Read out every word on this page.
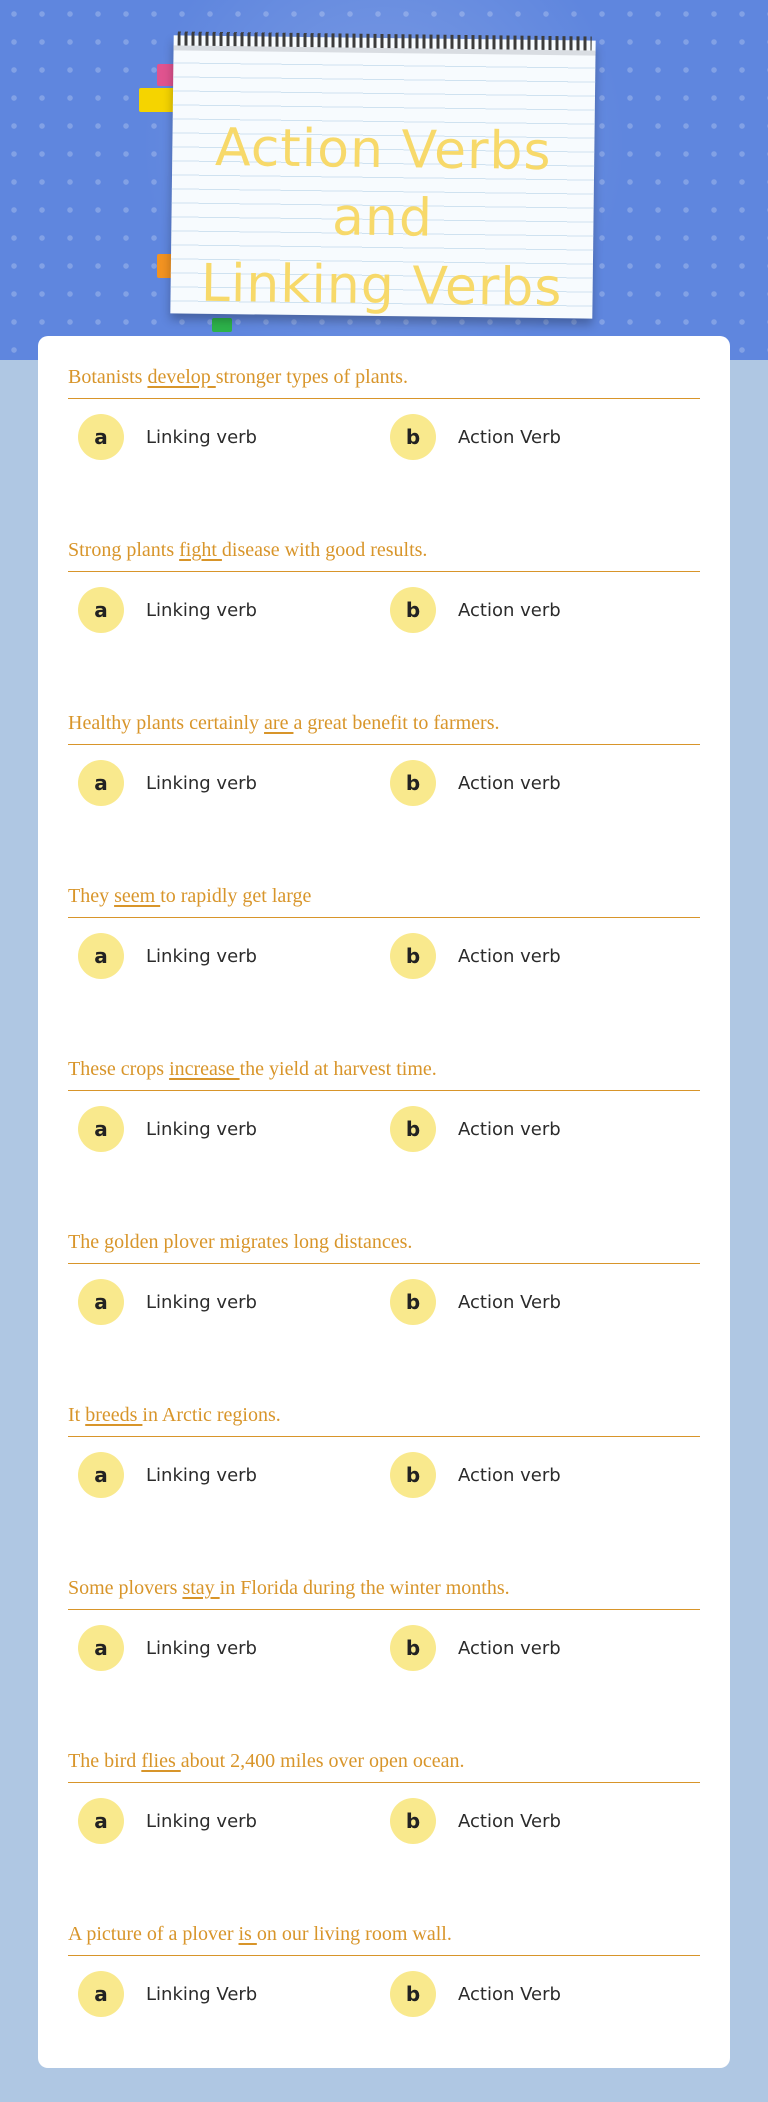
Action Verbs and
Linking Verbs
Botanists develop stronger types of plants.
a	Linking verb	b	Action Verb
Strong plants fight disease with good results.
a	Linking verb	b	Action verb
Healthy plants certainly are a great benefit to farmers.
a	Linking verb	b	Action verb
They seem to rapidly get large
a	Linking verb	b	Action verb
These crops increase the yield at harvest time.
a	Linking verb	b	Action verb
The golden plover migrates long distances.
a	Linking verb	b	Action Verb
It breeds in Arctic regions.
a	Linking verb	b	Action verb
Some plovers stay in Florida during the winter months.
a	Linking verb	b	Action verb
The bird flies about 2,400 miles over open ocean.
a	Linking verb	b	Action Verb
A picture of a plover is on our living room wall.
a	Linking Verb	b	Action Verb
